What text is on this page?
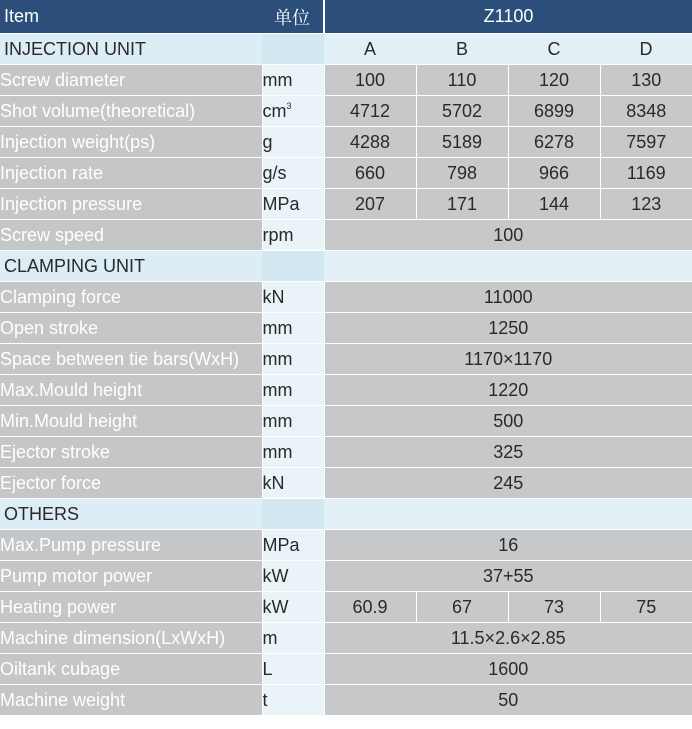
Item	单位	Z1100			
INJECTION UNIT		A	B	C	D
Screw diameter	mm	100	110	120	130
Shot volume(theoretical)	$cm^3$	4712	5702	6899	8348
Injection weight(ps)	g	4288	5189	6278	7597
Injection rate	g/s	660	798	966	1169
Injection pressure	MPa	207	171	144	123
Screw speed	rpm	100			
CLAMPING UNIT					
Clamping force	kN	11000			
Open stroke	mm	1250			
Space between tie bars(WxH)	mm	1170×1170			
Max.Mould height	mm	1220			
Min.Mould height	mm	500			
Ejector stroke	mm	325			
Ejector force	kN	245			
OTHERS					
Max.Pump pressure	MPa	16			
Pump motor power	kW	37+55			
Heating power	kW	60.9	67	73	75
Machine dimension(LxWxH)	m	11.5×2.6×2.85			
Oiltank cubage	L	1600			
Machine weight	t	50			
